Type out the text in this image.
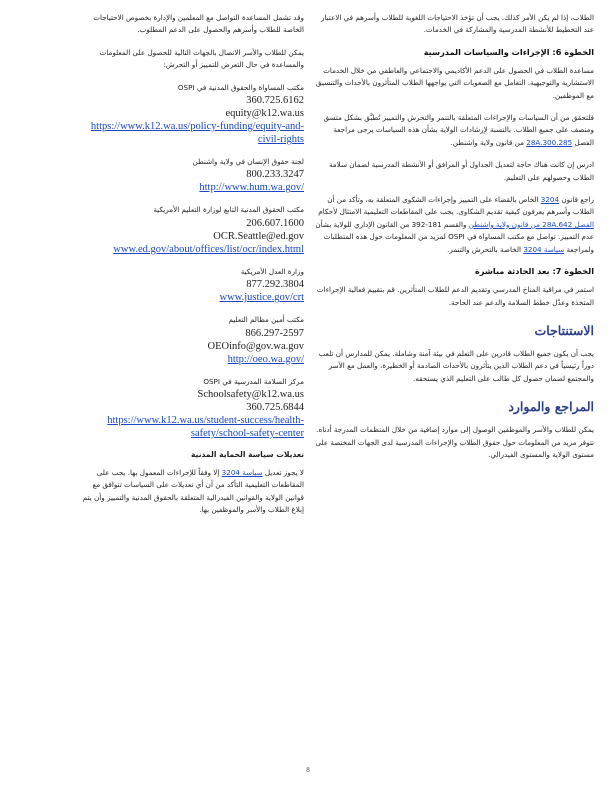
الطلاب، إذا لم يكن الأمر كذلك. يجب أن تؤخذ الاحتياجات اللغوية للطلاب وأسرهم في الاعتبار عند التخطيط للأنشطة المدرسية والمشاركة في الخدمات.

الخطوة 6: الإجراءات والسياسات المدرسية

مساعدة الطلاب في الحصول على الدعم الأكاديمي والاجتماعي والعاطفي من خلال الخدمات الاستشارية والتوجيهية. التعامل مع الصعوبات التي يواجهها الطلاب المتأثرون بالأحداث والتنسيق مع الموظفين.

فلتحقق من أن السياسات والإجراءات المتعلقة بالتنمر والتحرش والتمييز تُطبَّق بشكل متسق ومنصف على جميع الطلاب. بالنسبة لإرشادات الولاية بشأن هذه السياسات يرجى مراجعة الفصل 28A.300.285 من قانون ولاية واشنطن.

ادرس إن كانت هناك حاجة لتعديل الجداول أو المرافق أو الأنشطة المدرسية لضمان سلامة الطلاب وحصولهم على التعليم.

راجع قانون 3204 الخاص بالقضاء على التمييز وإجراءات الشكوى المتعلقة به، وتأكد من أن الطلاب وأسرهم يعرفون كيفية تقديم الشكاوى. يجب على المقاطعات التعليمية الامتثال لأحكام الفصل 28A.642 من قانون ولاية واشنطن والقسم 181-392 من القانون الإداري للولاية بشأن عدم التمييز. تواصل مع مكتب المساواة في OSPI لمزيد من المعلومات حول هذه المتطلبات ولمراجعة سياسة 3204 الخاصة بالتحرش والتنمر.

الخطوة 7: بعد الحادثة مباشرة

استمر في مراقبة المناخ المدرسي وتقديم الدعم للطلاب المتأثرين. قم بتقييم فعالية الإجراءات المتخذة وعدّل خطط السلامة والدعم عند الحاجة.

الاستنتاجات

يجب أن يكون جميع الطلاب قادرين على التعلم في بيئة آمنة وشاملة. يمكن للمدارس أن تلعب دوراً رئيسياً في دعم الطلاب الذين يتأثرون بالأحداث الصادمة أو الخطيرة، والعمل مع الأسر والمجتمع لضمان حصول كل طالب على التعليم الذي يستحقه.

المراجع والموارد

يمكن للطلاب والأسر والموظفين الوصول إلى موارد إضافية من خلال المنظمات المدرجة أدناه. تتوفر مزيد من المعلومات حول حقوق الطلاب والإجراءات المدرسية لدى الجهات المختصة على مستوى الولاية والمستوى الفيدرالي.

وقد تشمل المساعدة التواصل مع المعلمين والإدارة بخصوص الاحتياجات الخاصة للطلاب وأسرهم والحصول على الدعم المطلوب.

يمكن للطلاب والأسر الاتصال بالجهات التالية للحصول على المعلومات والمساعدة في حال التعرض للتمييز أو التحرش:

مكتب المساواة والحقوق المدنية في OSPI
360.725.6162
equity@k12.wa.us
https://www.k12.wa.us/policy-funding/equity-and-civil-rights
لجنة حقوق الإنسان في ولاية واشنطن
800.233.3247
http://www.hum.wa.gov/
مكتب الحقوق المدنية التابع لوزارة التعليم الأمريكية
206.607.1600
OCR.Seattle@ed.gov
www.ed.gov/about/offices/list/ocr/index.html
وزارة العدل الأمريكية
877.292.3804
www.justice.gov/crt
مكتب أمين مظالم التعليم
866.297-2597
OEOinfo@gov.wa.gov
http://oeo.wa.gov/
مركز السلامة المدرسية في OSPI
Schoolsafety@k12.wa.us
360.725.6844
https://www.k12.wa.us/student-success/health-safety/school-safety-center
تعديلات سياسة الحماية المدنية

لا يجوز تعديل سياسة 3204 إلا وفقاً للإجراءات المعمول بها. يجب على المقاطعات التعليمية التأكد من أن أي تعديلات على السياسات تتوافق مع قوانين الولاية والقوانين الفيدرالية المتعلقة بالحقوق المدنية والتمييز وأن يتم إبلاغ الطلاب والأسر والموظفين بها.

8
